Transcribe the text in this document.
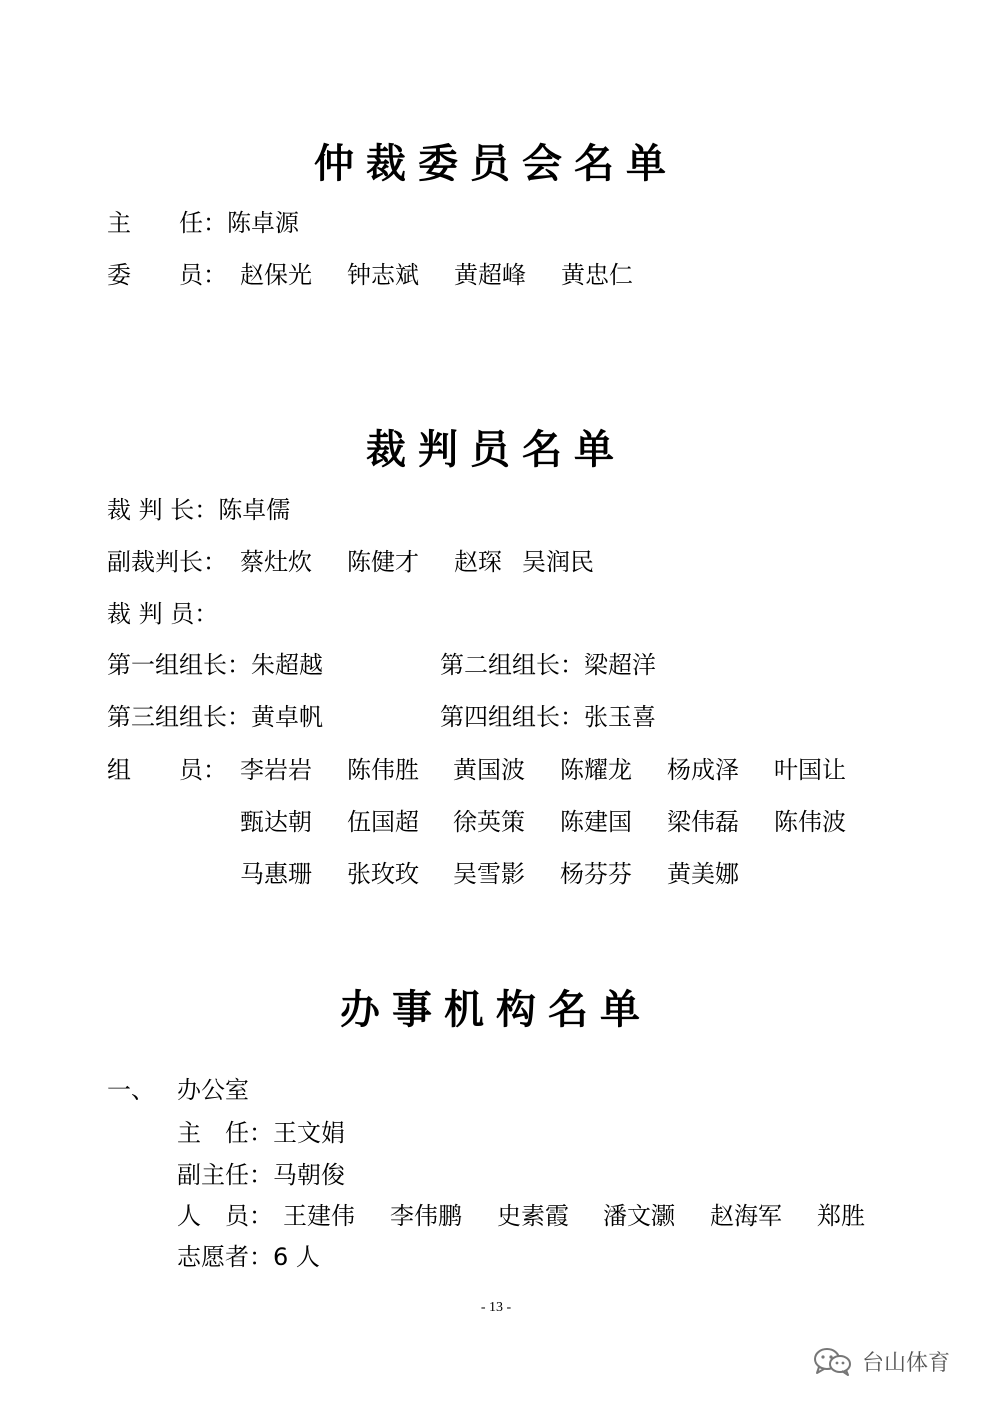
仲裁委员会名单
主　　任：陈卓源
委　　员： 赵保光 钟志斌 黄超峰 黄忠仁
裁判员名单
裁 判 长：陈卓儒
副裁判长： 蔡灶炊 陈健才 赵琛 吴润民
裁 判 员：
第一组组长：朱超越	第二组组长：梁超洋
第三组组长：黄卓帆	第四组组长：张玉喜
组　　员： 李岩岩 陈伟胜 黄国波 陈耀龙 杨成泽 叶国让
甄达朝 伍国超 徐英策 陈建国 梁伟磊 陈伟波
马惠珊 张玫玫 吴雪影 杨芬芬 黄美娜
办事机构名单
一、 办公室
主　任：王文娟
副主任：马朝俊
人　员： 王建伟 李伟鹏 史素霞 潘文灏 赵海军 郑胜
志愿者：6 人
- 13 -
台山体育
